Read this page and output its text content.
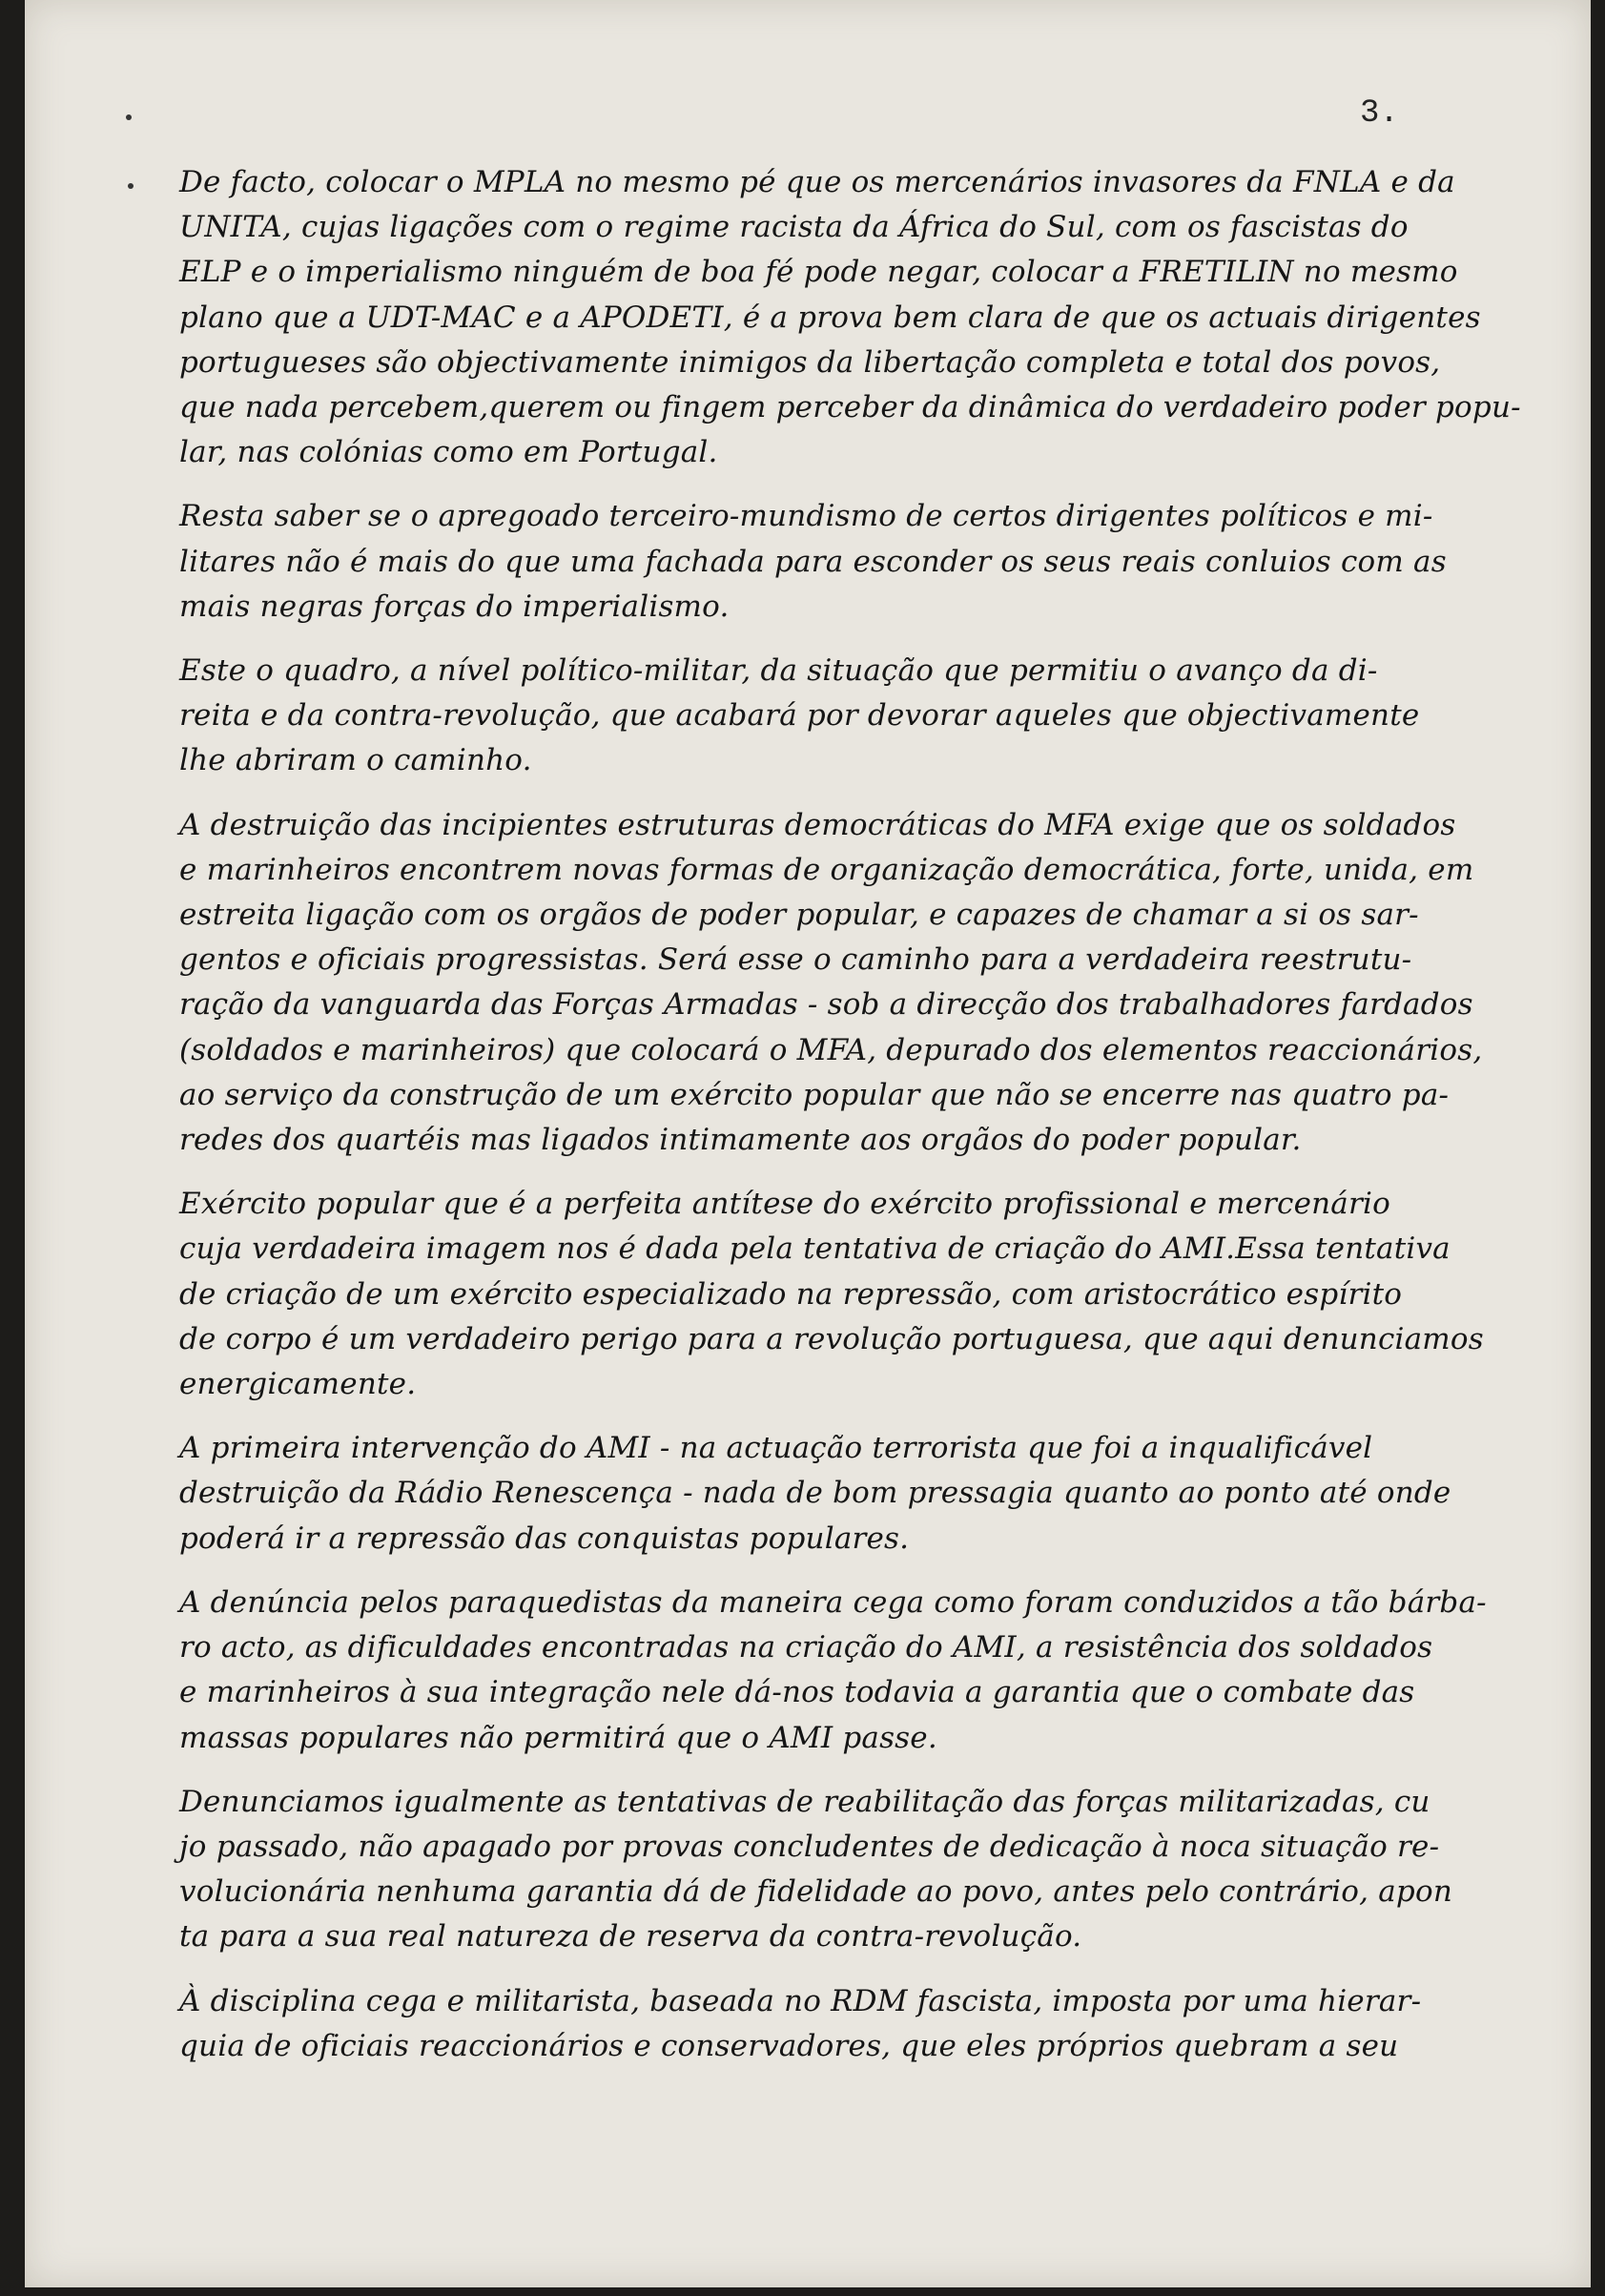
3.
De facto, colocar o MPLA no mesmo pé que os mercenários invasores da FNLA e da
UNITA, cujas ligações com o regime racista da África do Sul, com os fascistas do
ELP e o imperialismo ninguém de boa fé pode negar, colocar a FRETILIN no mesmo
plano que a UDT-MAC e a APODETI, é a prova bem clara de que os actuais dirigentes
portugueses são objectivamente inimigos da libertação completa e total dos povos,
que nada percebem,querem ou fingem perceber da dinâmica do verdadeiro poder popu-
lar, nas colónias como em Portugal.
Resta saber se o apregoado terceiro-mundismo de certos dirigentes políticos e mi-
litares não é mais do que uma fachada para esconder os seus reais conluios com as
mais negras forças do imperialismo.
Este o quadro, a nível político-militar, da situação que permitiu o avanço da di-
reita e da contra-revolução, que acabará por devorar aqueles que objectivamente
lhe abriram o caminho.
A destruição das incipientes estruturas democráticas do MFA exige que os soldados
e marinheiros encontrem novas formas de organização democrática, forte, unida, em
estreita ligação com os orgãos de poder popular, e capazes de chamar a si os sar-
gentos e oficiais progressistas. Será esse o caminho para a verdadeira reestrutu-
ração da vanguarda das Forças Armadas - sob a direcção dos trabalhadores fardados
(soldados e marinheiros) que colocará o MFA, depurado dos elementos reaccionários,
ao serviço da construção de um exército popular que não se encerre nas quatro pa-
redes dos quartéis mas ligados intimamente aos orgãos do poder popular.
Exército popular que é a perfeita antítese do exército profissional e mercenário
cuja verdadeira imagem nos é dada pela tentativa de criação do AMI.Essa tentativa
de criação de um exército especializado na repressão, com aristocrático espírito
de corpo é um verdadeiro perigo para a revolução portuguesa, que aqui denunciamos
energicamente.
A primeira intervenção do AMI - na actuação terrorista que foi a inqualificável
destruição da Rádio Renescença - nada de bom pressagia quanto ao ponto até onde
poderá ir a repressão das conquistas populares.
A denúncia pelos paraquedistas da maneira cega como foram conduzidos a tão bárba-
ro acto, as dificuldades encontradas na criação do AMI, a resistência dos soldados
e marinheiros à sua integração nele dá-nos todavia a garantia que o combate das
massas populares não permitirá que o AMI passe.
Denunciamos igualmente as tentativas de reabilitação das forças militarizadas, cu
jo passado, não apagado por provas concludentes de dedicação à noca situação re-
volucionária nenhuma garantia dá de fidelidade ao povo, antes pelo contrário, apon
ta para a sua real natureza de reserva da contra-revolução.
À disciplina cega e militarista, baseada no RDM fascista, imposta por uma hierar-
quia de oficiais reaccionários e conservadores, que eles próprios quebram a seu
